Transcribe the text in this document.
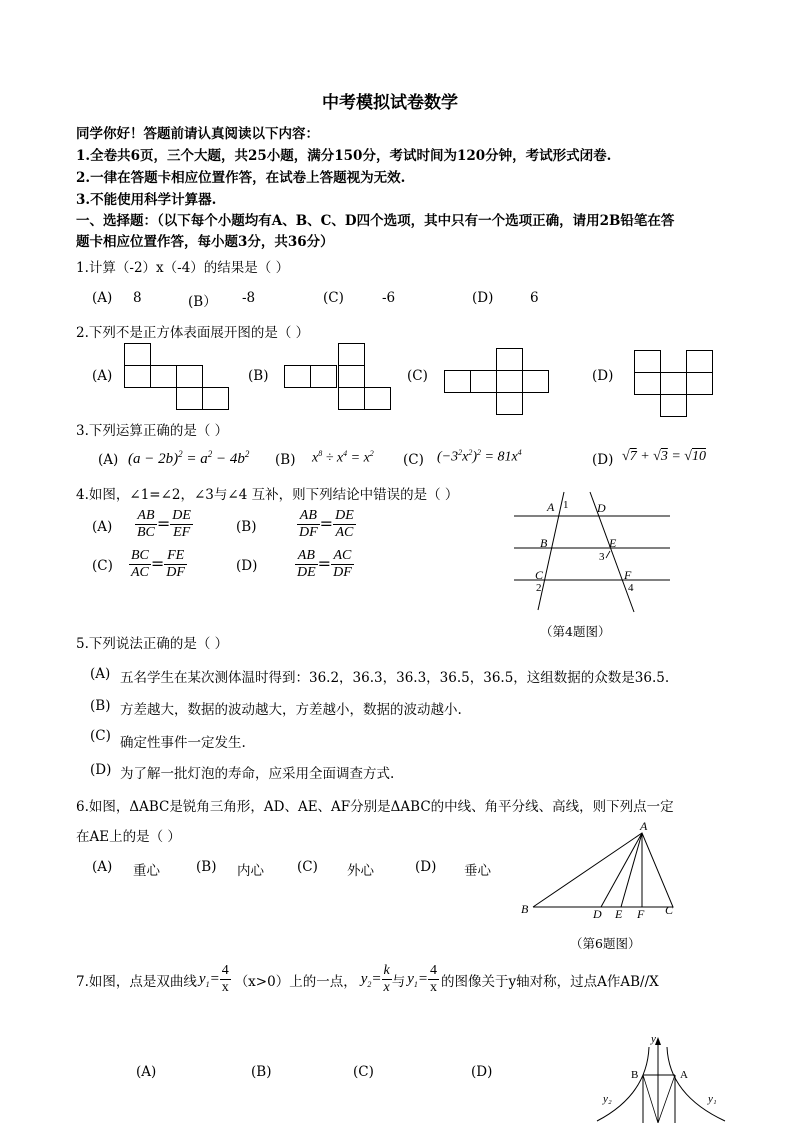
中考模拟试卷数学
同学你好！答题前请认真阅读以下内容：
1.全卷共6页，三个大题，共25小题，满分150分，考试时间为120分钟，考试形式闭卷.
2.一律在答题卡相应位置作答，在试卷上答题视为无效.
3.不能使用科学计算器.
一、选择题：（以下每个小题均有A、B、C、D四个选项，其中只有一个选项正确，请用2B铅笔在答
题卡相应位置作答，每小题3分，共36分）
1.计算（-2）x（-4）的结果是（ ）
(A) 8	(B） -8	(C)	-6	(D)	6
2.下列不是正方体表面展开图的是（ ）
(A)	(B)	(C)	(D)
3.下列运算正确的是（ ）
(A) $(a - 2b)^2 = a^2 - 4b^2$ (B) $x^8 \div x^4 = x^2$ (C) $(-3^2x^2)^2 = 81x^4$	(D) √7 + √3 = √10
4.如图，∠1=∠2，∠3与∠4 互补，则下列结论中错误的是（ ）
$(A) \frac{AB}{BC} = \frac{DE}{EF}$	(B)	$\frac{AB}{DF} = \frac{DE}{AC}$
$(C) \frac{BC}{AC} = \frac{FE}{DF}$	(D)	$\frac{AB}{DE} = \frac{AC}{DF}$
A 1 D
B	E
3
C
2
F
4
（第4题图）
5.下列说法正确的是（ ）
(A) 五名学生在某次测体温时得到：36.2，36.3，36.3，36.5，36.5，这组数据的众数是36.5.
(B) 方差越大，数据的波动越大，方差越小，数据的波动越小.
(C) 确定性事件一定发生.
(D) 为了解一批灯泡的寿命，应采用全面调查方式.
6.如图，ΔABC是锐角三角形，AD、AE、AF分别是ΔABC的中线、角平分线、高线，则下列点一定
在AE上的是（ ）
(A) 重心	(B) 内心 (C) 外心	(D) 垂心
A
B	D E F C
（第6题图）
7.如图，点是双曲线 $y_1= \frac{4}{x} (x>0)$上的一点， $y_2= \frac{k}{x}$ 与 $y_1= \frac{4}{x}$ 的图像关于y轴对称，过点A作AB//X
(A)	(B)	(C)	(D)
y
B	A
y₂	y₁
